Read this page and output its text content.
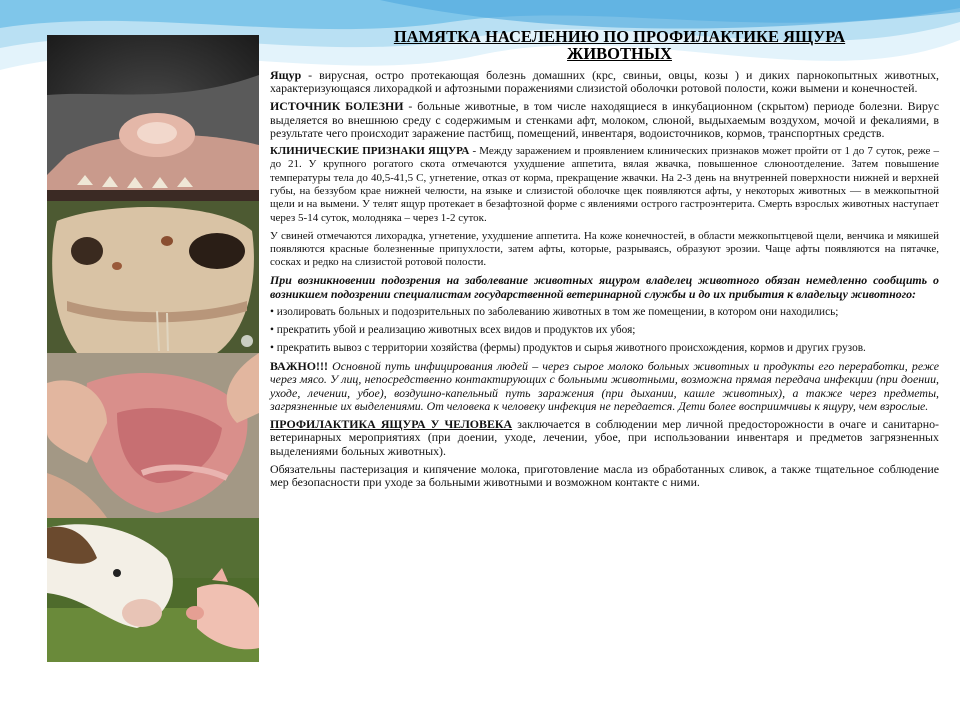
ПАМЯТКА НАСЕЛЕНИЮ ПО ПРОФИЛАКТИКЕ ЯЩУРА
ЖИВОТНЫХ

Ящур - вирусная, остро протекающая болезнь домашних (крс, свиньи, овцы, козы ) и диких парнокопытных животных, характеризующаяся лихорадкой и афтозными поражениями слизистой оболочки ротовой полости, кожи вымени и конечностей.

ИСТОЧНИК БОЛЕЗНИ - больные животные, в том числе находящиеся в инкубационном (скрытом) периоде болезни. Вирус выделяется во внешнюю среду с содержимым и стенками афт, молоком, слюной, выдыхаемым воздухом, мочой и фекалиями, в результате чего происходит заражение пастбищ, помещений, инвентаря, водоисточников, кормов, транспортных средств.

КЛИНИЧЕСКИЕ ПРИЗНАКИ ЯЩУРА - Между заражением и проявлением клинических признаков может пройти от 1 до 7 суток, реже – до 21. У крупного рогатого скота отмечаются ухудшение аппетита, вялая жвачка, повышенное слюноотделение. Затем повышение температуры тела до 40,5-41,5 С, угнетение, отказ от корма, прекращение жвачки. На 2-3 день на внутренней поверхности нижней и верхней губы, на беззубом крае нижней челюсти, на языке и слизистой оболочке щек появляются афты, у некоторых животных — в межкопытной щели и на вымени. У телят ящур протекает в безафтозной форме с явлениями острого гастроэнтерита. Смерть взрослых животных наступает через 5-14 суток, молодняка – через 1-2 суток.

У свиней отмечаются лихорадка, угнетение, ухудшение аппетита. На коже конечностей, в области межкопытцевой щели, венчика и мякишей появляются красные болезненные припухлости, затем афты, которые, разрываясь, образуют эрозии. Чаще афты появляются на пятачке, сосках и редко на слизистой ротовой полости.

При возникновении подозрения на заболевание животных ящуром владелец животного обязан немедленно сообщить о возникшем подозрении специалистам государственной ветеринарной службы и до их прибытия к владельцу животного:

• изолировать больных и подозрительных по заболеванию животных в том же помещении, в котором они находились;

• прекратить убой и реализацию животных всех видов и продуктов их убоя;

• прекратить вывоз с территории хозяйства (фермы) продуктов и сырья животного происхождения, кормов и других грузов.

ВАЖНО!!! Основной путь инфицирования людей – через сырое молоко больных животных и продукты его переработки, реже через мясо. У лиц, непосредственно контактирующих с больными животными, возможна прямая передача инфекции (при доении, уходе, лечении, убое), воздушно-капельный путь заражения (при дыхании, кашле животных), а также через предметы, загрязненные их выделениями. От человека к человеку инфекция не передается. Дети более восприимчивы к ящуру, чем взрослые.

ПРОФИЛАКТИКА ЯЩУРА У ЧЕЛОВЕКА заключается в соблюдении мер личной предосторожности в очаге и санитарно-ветеринарных мероприятиях (при доении, уходе, лечении, убое, при использовании инвентаря и предметов загрязненных выделениями больных животных).

Обязательны пастеризация и кипячение молока, приготовление масла из обработанных сливок, а также тщательное соблюдение мер безопасности при уходе за больными животными и возможном контакте с ними.
